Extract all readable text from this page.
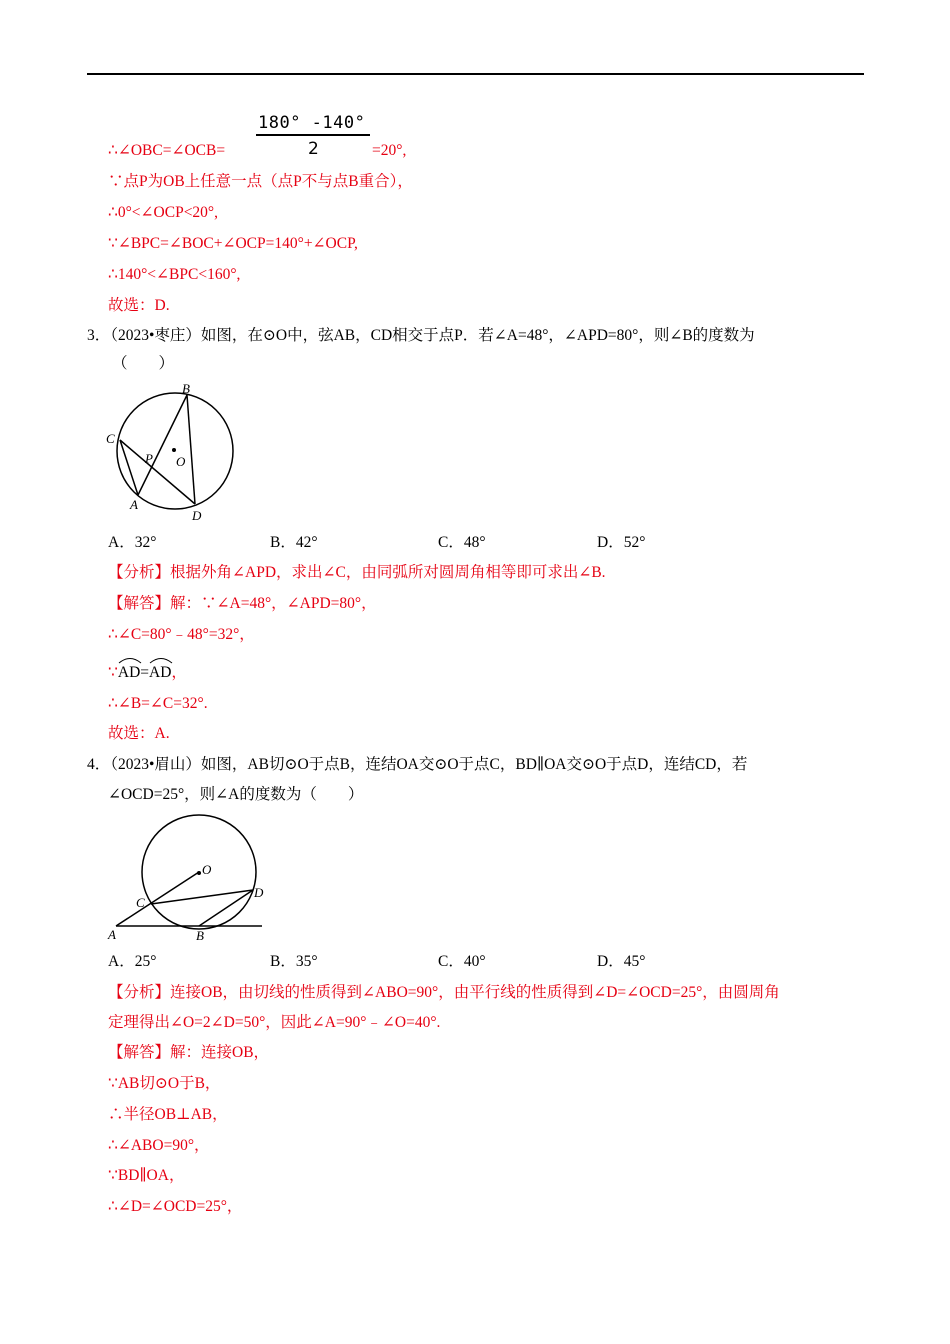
180° -140°
2
∴∠OBC=∠OCB=	=20°,
∵点P为OB上任意一点（点P不与点B重合），
∴0°<∠OCP<20°,
∵∠BPC=∠BOC+∠OCP=140°+∠OCP,
∴140°<∠BPC<160°,
故选：D.
3．（2023•枣庄）如图，在⊙O中，弦AB，CD相交于点P．若∠A=48°，∠APD=80°，则∠B的度数为
（　　）
B
C
P O
A
D
A．32°	B．42°	C．48°	D．52°
【分析】根据外角∠APD，求出∠C，由同弧所对圆周角相等即可求出∠B.
【解答】解：∵∠A=48°，∠APD=80°，
∴∠C=80°﹣48°=32°，
∵
AD=
AD，
∴∠B=∠C=32°.
故选：A.
4．（2023•眉山）如图，AB切⊙O于点B，连结OA交⊙O于点C，BD∥OA交⊙O于点D，连结CD，若
∠OCD=25°，则∠A的度数为（　　）
O
D
C
A	B
A．25°	B．35°	C．40°	D．45°
【分析】连接OB，由切线的性质得到∠ABO=90°，由平行线的性质得到∠D=∠OCD=25°，由圆周角
定理得出∠O=2∠D=50°，因此∠A=90°﹣∠O=40°.
【解答】解：连接OB，
∵AB切⊙O于B，
∴半径OB⊥AB，
∴∠ABO=90°，
∵BD∥OA，
∴∠D=∠OCD=25°，
